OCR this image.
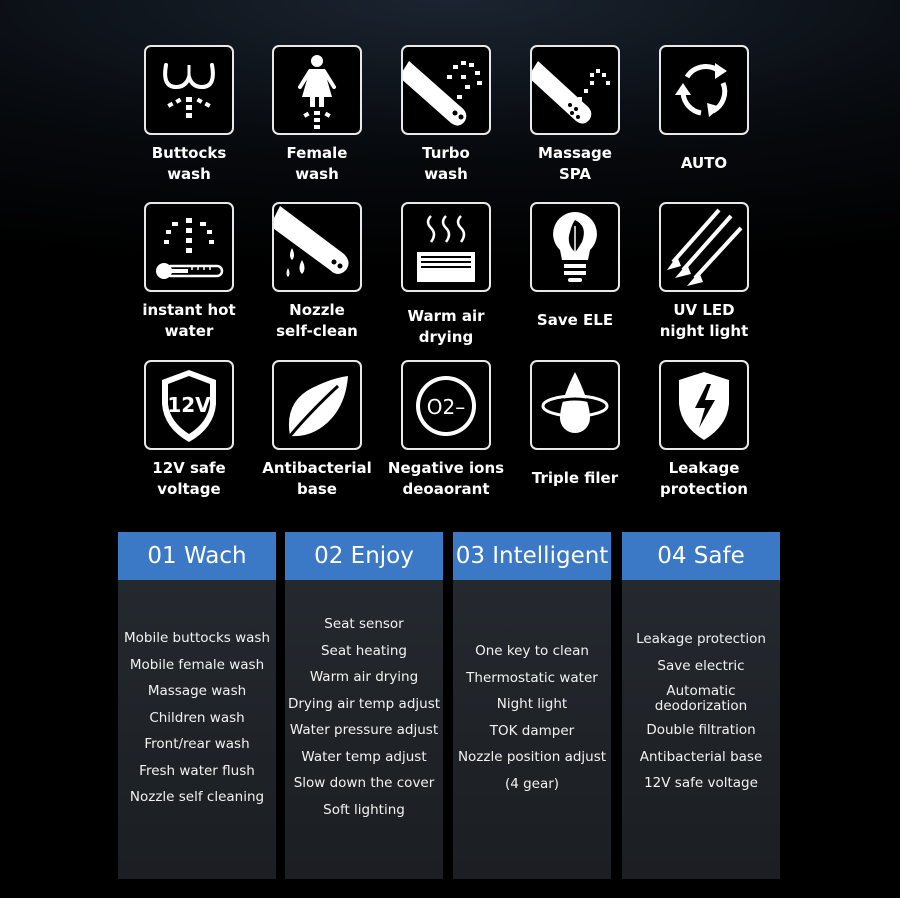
Buttocks
wash
Female
wash
Turbo
wash
Massage
SPA
AUTO
instant hot
water
Nozzle
self-clean
Warm air
drying
Save ELE
UV LED
night light
12V
12V safe
voltage
Antibacterial
base
O2–
Negative ions
deoaorant
Triple filer
Leakage
protection
01 Wach
Mobile buttocks wash
Mobile female wash
Massage wash
Children wash
Front/rear wash
Fresh water flush
Nozzle self cleaning
02 Enjoy
Seat sensor
Seat heating
Warm air drying
Drying air temp adjust
Water pressure adjust
Water temp adjust
Slow down the cover
Soft lighting
03 Intelligent
One key to clean
Thermostatic water
Night light
TOK damper
Nozzle position adjust
(4 gear)
04 Safe
Leakage protection
Save electric
Automatic deodorization
Double filtration
Antibacterial base
12V safe voltage
